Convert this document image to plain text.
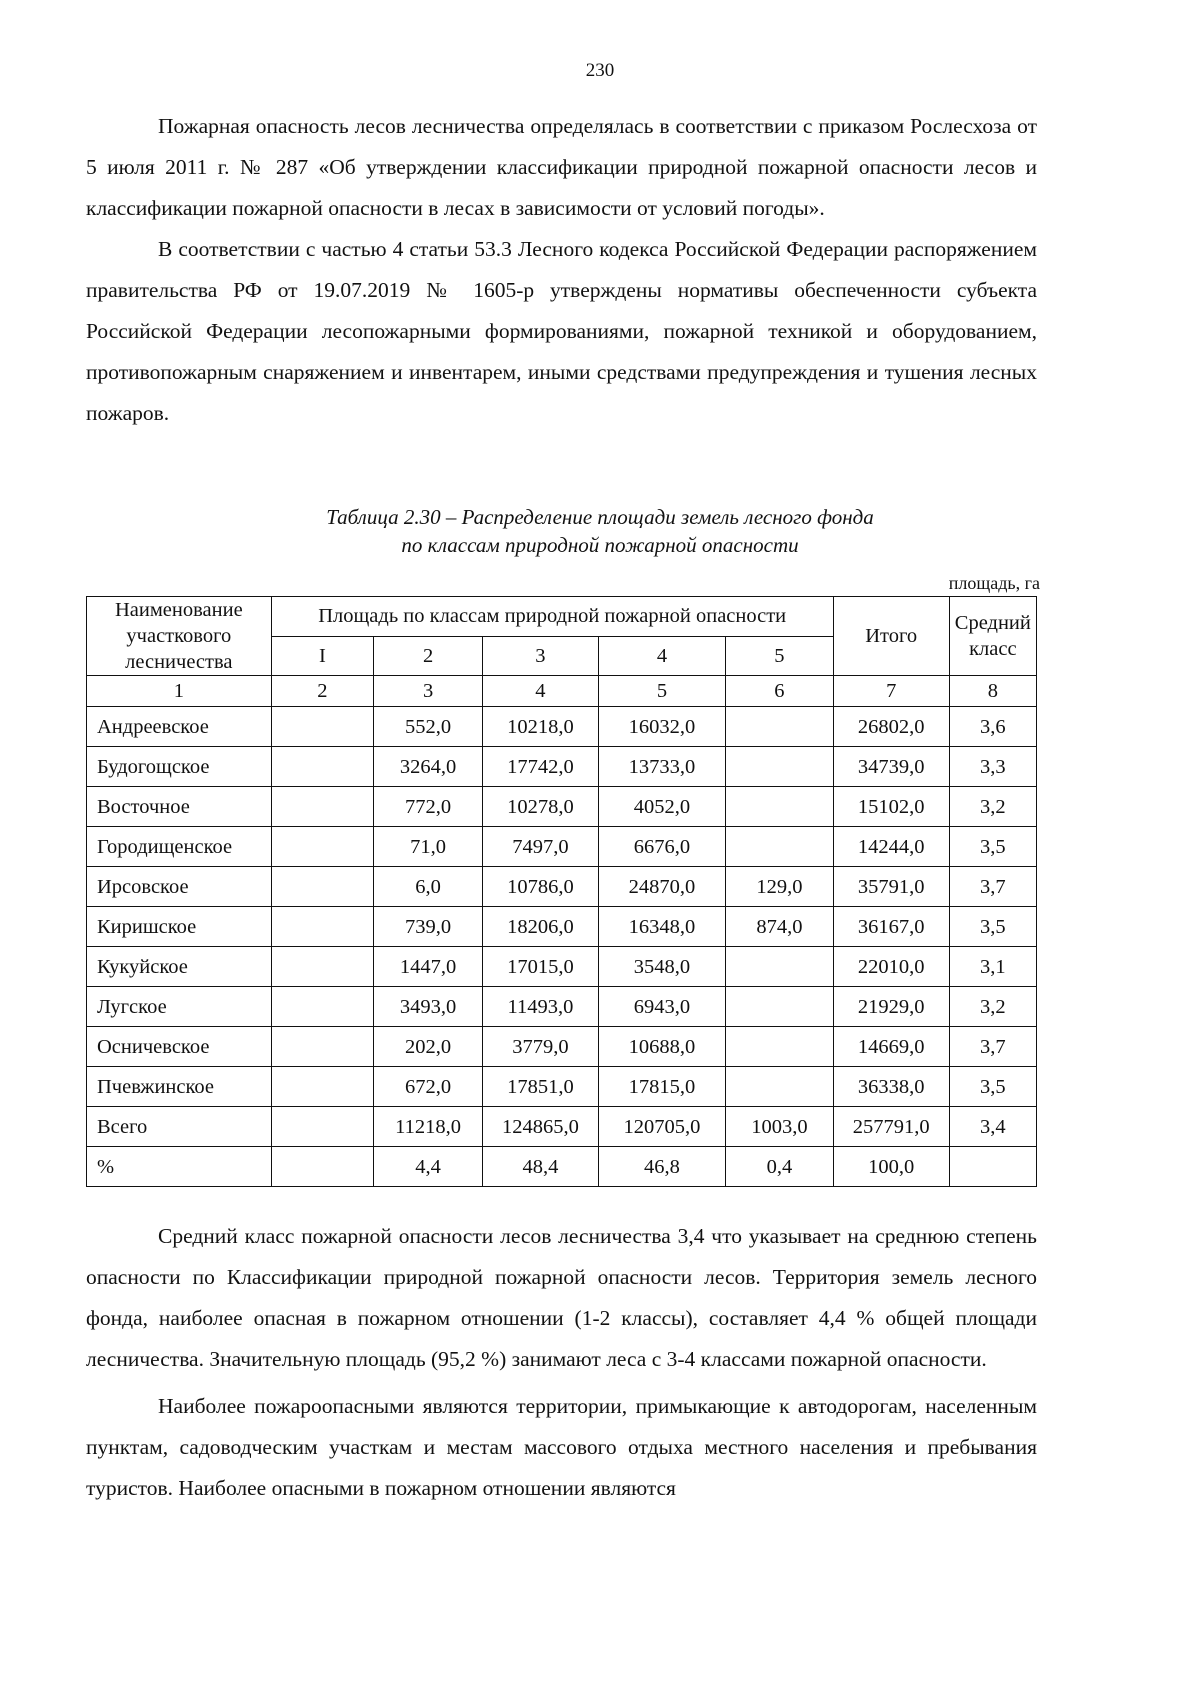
230

Пожарная опасность лесов лесничества определялась в соответствии с приказом Рослесхоза от 5 июля 2011 г. № 287 «Об утверждении классификации природной пожарной опасности лесов и классификации пожарной опасности в лесах в зависимости от условий погоды».

В соответствии с частью 4 статьи 53.3 Лесного кодекса Российской Федерации распоряжением правительства РФ от 19.07.2019 № 1605-р утверждены нормативы обеспеченности субъекта Российской Федерации лесопожарными формированиями, пожарной техникой и оборудованием, противопожарным снаряжением и инвентарем, иными средствами предупреждения и тушения лесных пожаров.

Таблица 2.30 – Распределение площади земель лесного фонда
по классам природной пожарной опасности
площадь, га
Наименование участкового лесничества	Площадь по классам природной пожарной опасности					Итого	Средний класс
	I	2	3	4	5		
1	2	3	4	5	6	7	8
Андреевское		552,0	10218,0	16032,0		26802,0	3,6
Будогощское		3264,0	17742,0	13733,0		34739,0	3,3
Восточное		772,0	10278,0	4052,0		15102,0	3,2
Городищенское		71,0	7497,0	6676,0		14244,0	3,5
Ирсовское		6,0	10786,0	24870,0	129,0	35791,0	3,7
Киришское		739,0	18206,0	16348,0	874,0	36167,0	3,5
Кукуйское		1447,0	17015,0	3548,0		22010,0	3,1
Лугское		3493,0	11493,0	6943,0		21929,0	3,2
Осничевское		202,0	3779,0	10688,0		14669,0	3,7
Пчевжинское		672,0	17851,0	17815,0		36338,0	3,5
Всего		11218,0	124865,0	120705,0	1003,0	257791,0	3,4
%		4,4	48,4	46,8	0,4	100,0	

Средний класс пожарной опасности лесов лесничества 3,4 что указывает на среднюю степень опасности по Классификации природной пожарной опасности лесов. Территория земель лесного фонда, наиболее опасная в пожарном отношении (1-2 классы), составляет 4,4 % общей площади лесничества. Значительную площадь (95,2 %) занимают леса с 3-4 классами пожарной опасности.

Наиболее пожароопасными являются территории, примыкающие к автодорогам, населенным пунктам, садоводческим участкам и местам массового отдыха местного населения и пребывания туристов. Наиболее опасными в пожарном отношении являются
